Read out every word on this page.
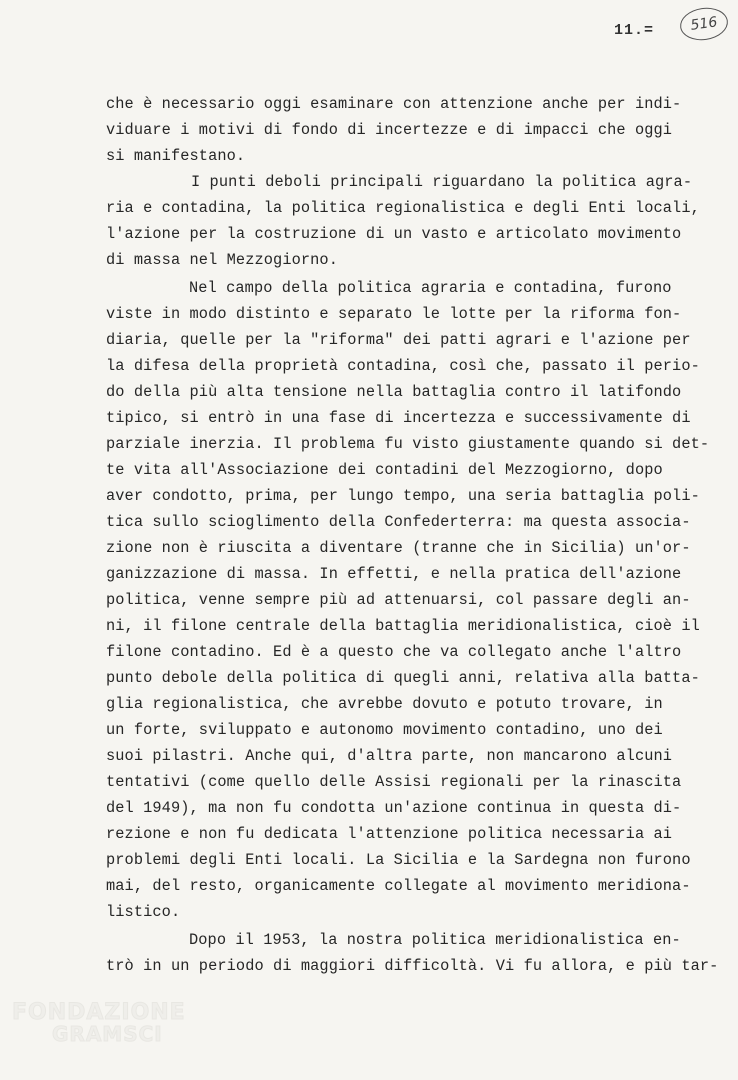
11.=	516
che è necessario oggi esaminare con attenzione anche per indi-
viduare i motivi di fondo di incertezze e di impacci che oggi
si manifestano.
I punti deboli principali riguardano la politica agra-
ria e contadina, la politica regionalistica e degli Enti locali,
l'azione per la costruzione di un vasto e articolato movimento
di massa nel Mezzogiorno.
Nel campo della politica agraria e contadina, furono
viste in modo distinto e separato le lotte per la riforma fon-
diaria, quelle per la "riforma" dei patti agrari e l'azione per
la difesa della proprietà contadina, così che, passato il perio-
do della più alta tensione nella battaglia contro il latifondo
tipico, si entrò in una fase di incertezza e successivamente di
parziale inerzia. Il problema fu visto giustamente quando si det-
te vita all'Associazione dei contadini del Mezzogiorno, dopo
aver condotto, prima, per lungo tempo, una seria battaglia poli-
tica sullo scioglimento della Confederterra: ma questa associa-
zione non è riuscita a diventare (tranne che in Sicilia) un'or-
ganizzazione di massa. In effetti, e nella pratica dell'azione
politica, venne sempre più ad attenuarsi, col passare degli an-
ni, il filone centrale della battaglia meridionalistica, cioè il
filone contadino. Ed è a questo che va collegato anche l'altro
punto debole della politica di quegli anni, relativa alla batta-
glia regionalistica, che avrebbe dovuto e potuto trovare, in
un forte, sviluppato e autonomo movimento contadino, uno dei
suoi pilastri. Anche qui, d'altra parte, non mancarono alcuni
tentativi (come quello delle Assisi regionali per la rinascita
del 1949), ma non fu condotta un'azione continua in questa di-
rezione e non fu dedicata l'attenzione politica necessaria ai
problemi degli Enti locali. La Sicilia e la Sardegna non furono
mai, del resto, organicamente collegate al movimento meridiona-
listico.
Dopo il 1953, la nostra politica meridionalistica en-
trò in un periodo di maggiori difficoltà. Vi fu allora, e più tar-
FONDAZIONE
GRAMSCI
